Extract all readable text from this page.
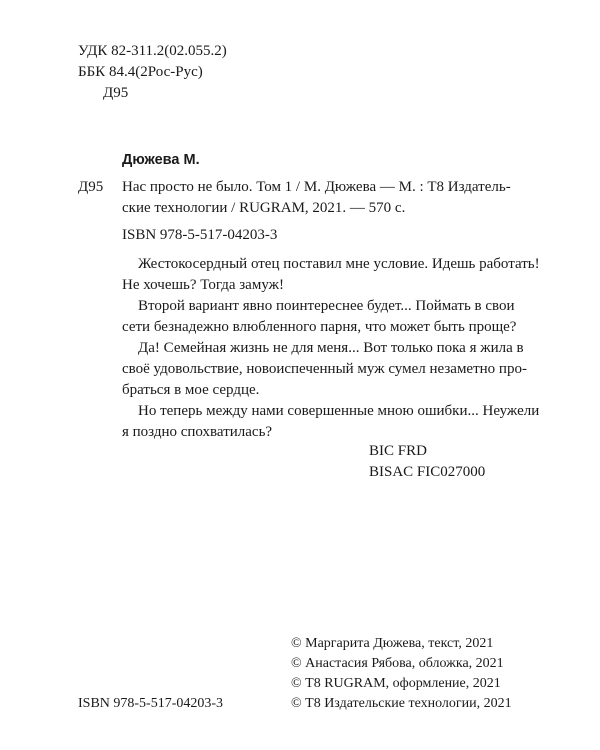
УДК 82-311.2(02.055.2)
ББК 84.4(2Рос-Рус)
Д95
Дюжева М.
Д95 Нас просто не было. Том 1 / М. Дюжева — М. : Т8 Издатель-
ские технологии / RUGRAM, 2021. — 570 с.
ISBN 978-5-517-04203-3
Жестокосердный отец поставил мне условие. Идешь работать!
Не хочешь? Тогда замуж!
Второй вариант явно поинтереснее будет... Поймать в свои
сети безнадежно влюбленного парня, что может быть проще?
Да! Семейная жизнь не для меня... Вот только пока я жила в
своё удовольствие, новоиспеченный муж сумел незаметно про-
браться в мое сердце.
Но теперь между нами совершенные мною ошибки... Неужели
я поздно спохватилась?
BIC FRD
BISAC FIC027000
© Маргарита Дюжева, текст, 2021
© Анастасия Рябова, обложка, 2021
© Т8 RUGRAM, оформление, 2021
© Т8 Издательские технологии, 2021
ISBN 978-5-517-04203-3
